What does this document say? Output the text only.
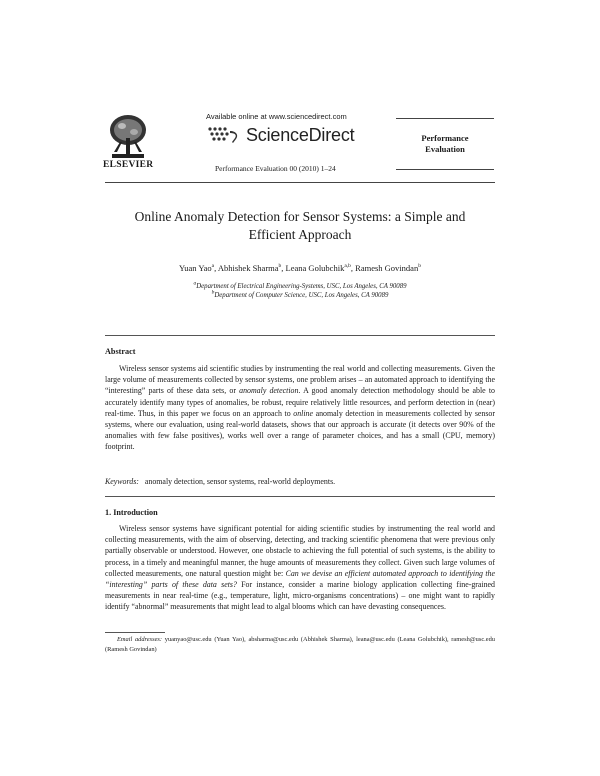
ELSEVIER
Available online at www.sciencedirect.com
ScienceDirect
Performance Evaluation 00 (2010) 1–24
Performance
Evaluation
Online Anomaly Detection for Sensor Systems: a Simple and
Efficient Approach
Yuan Yao$^a$, Abhishek Sharma$^b$, Leana Golubchik$^{a,b}$, Ramesh Govindan$^b$
$^a$Department of Electrical Engineering-Systems, USC, Los Angeles, CA 90089
$^b$Department of Computer Science, USC, Los Angeles, CA 90089
Abstract
Wireless sensor systems aid scientific studies by instrumenting the real world and collecting measurements. Given the large volume of measurements collected by sensor systems, one problem arises – an automated approach to identifying the “interesting” parts of these data sets, or anomaly detection. A good anomaly detection methodology should be able to accurately identify many types of anomalies, be robust, require relatively little resources, and perform detection in (near) real-time. Thus, in this paper we focus on an approach to online anomaly detection in measurements collected by sensor systems, where our evaluation, using real-world datasets, shows that our approach is accurate (it detects over 90% of the anomalies with few false positives), works well over a range of parameter choices, and has a small (CPU, memory) footprint.
Keywords: anomaly detection, sensor systems, real-world deployments.
1. Introduction
Wireless sensor systems have significant potential for aiding scientific studies by instrumenting the real world and collecting measurements, with the aim of observing, detecting, and tracking scientific phenomena that were previous only partially observable or understood. However, one obstacle to achieving the full potential of such systems, is the ability to process, in a timely and meaningful manner, the huge amounts of measurements they collect. Given such large volumes of collected measurements, one natural question might be: Can we devise an efficient automated approach to identifying the “interesting” parts of these data sets? For instance, consider a marine biology application collecting fine-grained measurements in near real-time (e.g., temperature, light, micro-organisms concentrations) – one might want to rapidly identify “abnormal” measurements that might lead to algal blooms which can have devasting consequences.
Email addresses: yuanyao@usc.edu (Yuan Yao), absharma@usc.edu (Abhishek Sharma), leana@usc.edu (Leana Golubchik), ramesh@usc.edu (Ramesh Govindan)
